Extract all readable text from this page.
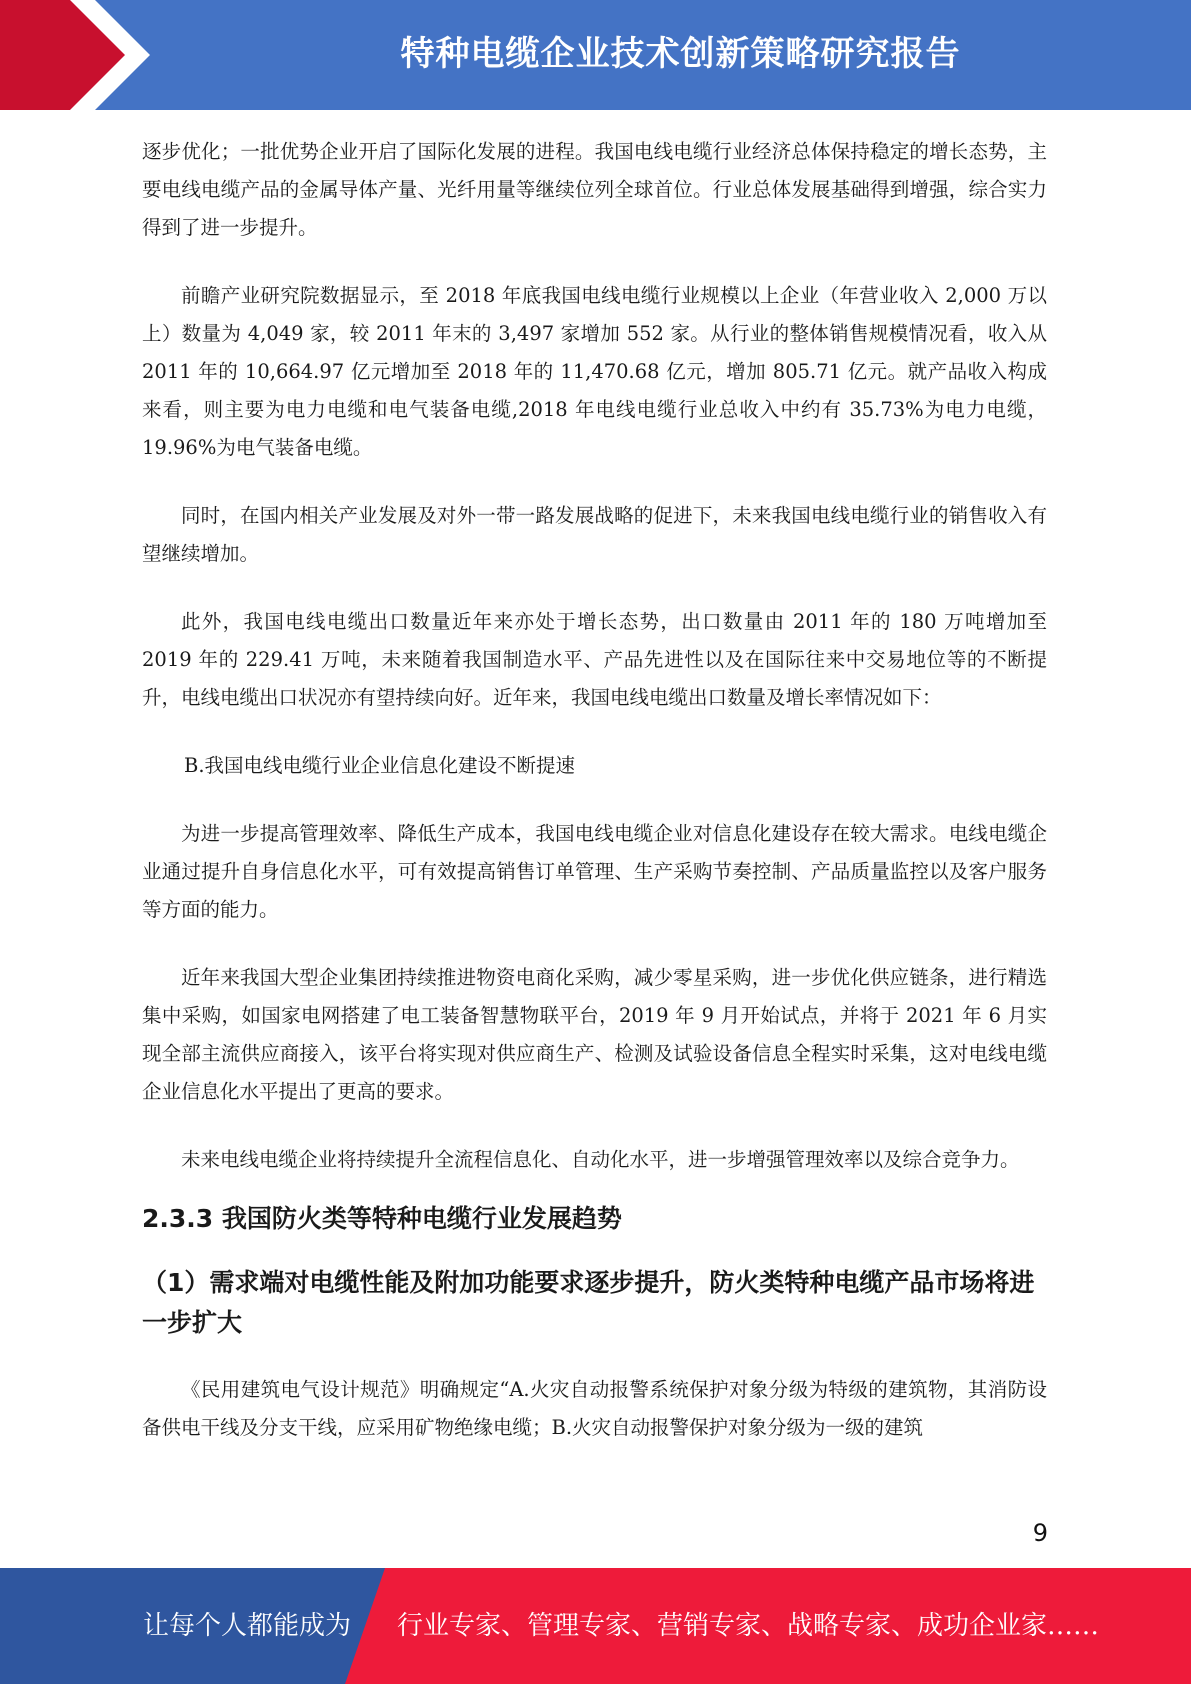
特种电缆企业技术创新策略研究报告

逐步优化；一批优势企业开启了国际化发展的进程。我国电线电缆行业经济总体保持稳定的增长态势，主要电线电缆产品的金属导体产量、光纤用量等继续位列全球首位。行业总体发展基础得到增强，综合实力得到了进一步提升。

前瞻产业研究院数据显示，至 2018 年底我国电线电缆行业规模以上企业（年营业收入 2,000 万以上）数量为 4,049 家，较 2011 年末的 3,497 家增加 552 家。从行业的整体销售规模情况看，收入从 2011 年的 10,664.97 亿元增加至 2018 年的 11,470.68 亿元，增加 805.71 亿元。就产品收入构成来看，则主要为电力电缆和电气装备电缆,2018 年电线电缆行业总收入中约有 35.73%为电力电缆，19.96%为电气装备电缆。

同时，在国内相关产业发展及对外一带一路发展战略的促进下，未来我国电线电缆行业的销售收入有望继续增加。

此外，我国电线电缆出口数量近年来亦处于增长态势，出口数量由 2011 年的 180 万吨增加至 2019 年的 229.41 万吨，未来随着我国制造水平、产品先进性以及在国际往来中交易地位等的不断提升，电线电缆出口状况亦有望持续向好。近年来，我国电线电缆出口数量及增长率情况如下：

B.我国电线电缆行业企业信息化建设不断提速

为进一步提高管理效率、降低生产成本，我国电线电缆企业对信息化建设存在较大需求。电线电缆企业通过提升自身信息化水平，可有效提高销售订单管理、生产采购节奏控制、产品质量监控以及客户服务等方面的能力。

近年来我国大型企业集团持续推进物资电商化采购，减少零星采购，进一步优化供应链条，进行精选集中采购，如国家电网搭建了电工装备智慧物联平台，2019 年 9 月开始试点，并将于 2021 年 6 月实现全部主流供应商接入，该平台将实现对供应商生产、检测及试验设备信息全程实时采集，这对电线电缆企业信息化水平提出了更高的要求。

未来电线电缆企业将持续提升全流程信息化、自动化水平，进一步增强管理效率以及综合竞争力。

2.3.3 我国防火类等特种电缆行业发展趋势
（1）需求端对电缆性能及附加功能要求逐步提升，防火类特种电缆产品市场将进一步扩大

《民用建筑电气设计规范》明确规定“A.火灾自动报警系统保护对象分级为特级的建筑物，其消防设备供电干线及分支干线，应采用矿物绝缘电缆；B.火灾自动报警保护对象分级为一级的建筑

9
让每个人都能成为 行业专家、管理专家、营销专家、战略专家、成功企业家……
